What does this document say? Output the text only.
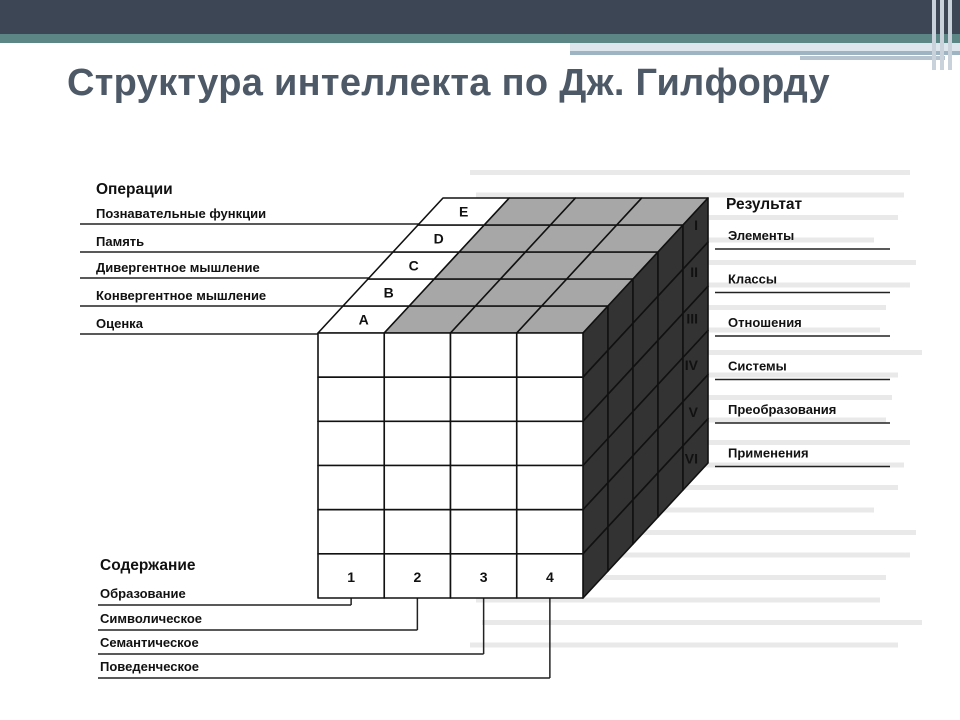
Структура интеллекта по Дж. Гилфорду
Операции
Познавательные функции	E
Память	D
Дивергентное мышление	C
Конвергентное мышление	B
Оценка	A
Результат
Элементы
I
Классы
II
Отношения
III
Системы
IV
Преобразования
V
Применения
VI
Содержание
Образование
1
Символическое
2
Семантическое
3
Поведенческое
4
